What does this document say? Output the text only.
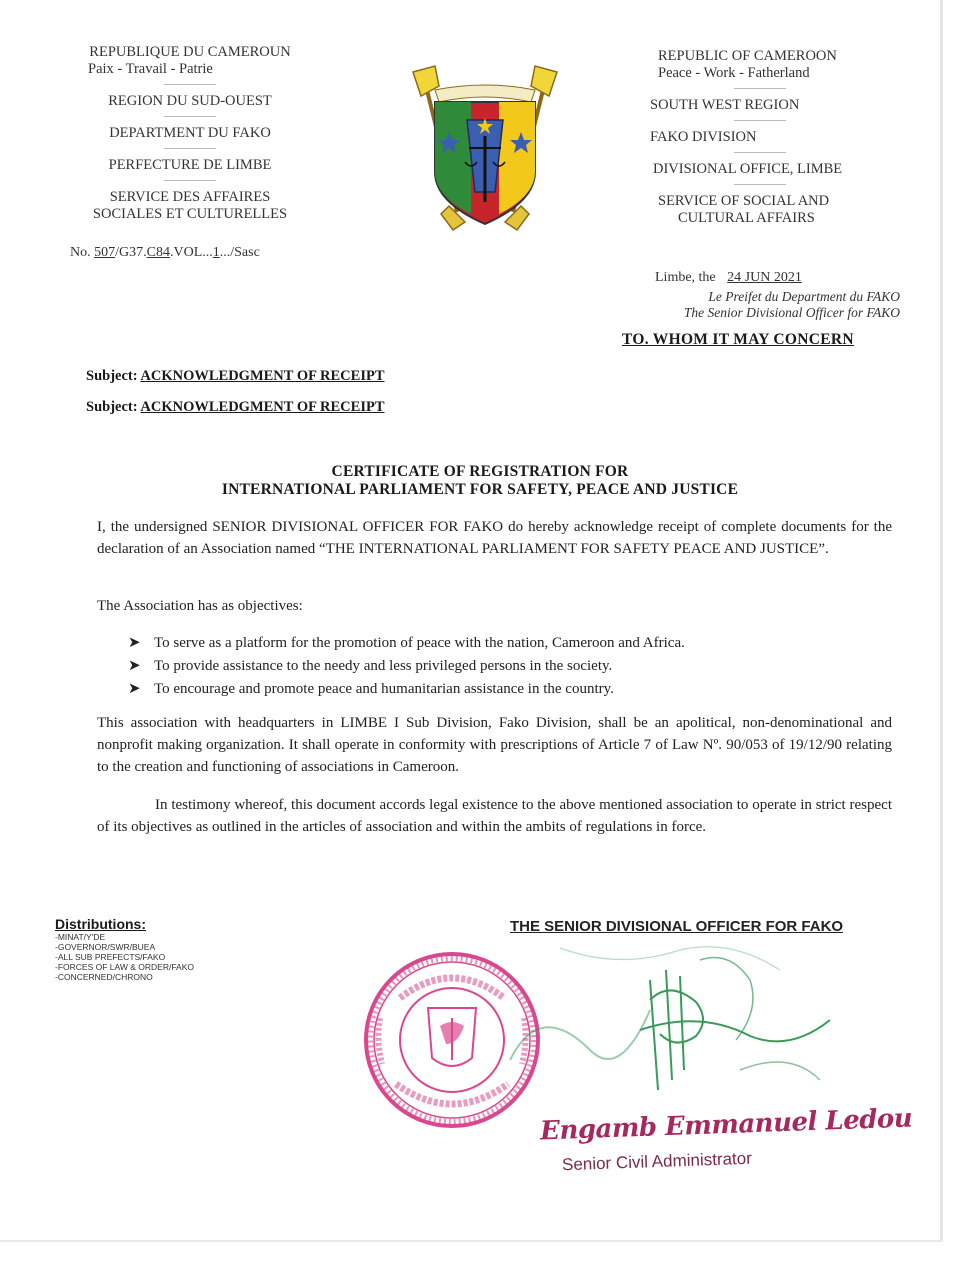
REPUBLIQUE DU CAMEROUN
Paix - Travail - Patrie
REGION DU SUD-OUEST
DEPARTMENT DU FAKO
PERFECTURE DE LIMBE
SERVICE DES AFFAIRES
SOCIALES ET CULTURELLES
No. 507/G37.C84.VOL...1.../Sasc
REPUBLIC OF CAMEROON
Peace - Work - Fatherland
SOUTH WEST REGION
FAKO DIVISION
DIVISIONAL OFFICE, LIMBE
SERVICE OF SOCIAL AND
CULTURAL AFFAIRS
Limbe, the 24 JUN 2021
Le Preifet du Department du FAKO
The Senior Divisional Officer for FAKO
TO. WHOM IT MAY CONCERN
Subject: ACKNOWLEDGMENT OF RECEIPT
Subject: ACKNOWLEDGMENT OF RECEIPT
CERTIFICATE OF REGISTRATION FOR
INTERNATIONAL PARLIAMENT FOR SAFETY, PEACE AND JUSTICE
I, the undersigned SENIOR DIVISIONAL OFFICER FOR FAKO do hereby acknowledge receipt of complete documents for the declaration of an Association named “THE INTERNATIONAL PARLIAMENT FOR SAFETY PEACE AND JUSTICE”.
The Association has as objectives:
➤ To serve as a platform for the promotion of peace with the nation, Cameroon and Africa.
➤ To provide assistance to the needy and less privileged persons in the society.
➤ To encourage and promote peace and humanitarian assistance in the country.
This association with headquarters in LIMBE I Sub Division, Fako Division, shall be an apolitical, non-denominational and nonprofit making organization. It shall operate in conformity with prescriptions of Article 7 of Law Nº. 90/053 of 19/12/90 relating to the creation and functioning of associations in Cameroon.
In testimony whereof, this document accords legal existence to the above mentioned association to operate in strict respect of its objectives as outlined in the articles of association and within the ambits of regulations in force.
Distributions:
-MINAT/Y'DE
-GOVERNOR/SWR/BUEA
-ALL SUB PREFECTS/FAKO
-FORCES OF LAW & ORDER/FAKO
-CONCERNED/CHRONO
THE SENIOR DIVISIONAL OFFICER FOR FAKO
Engamb Emmanuel Ledou
Senior Civil Administrator
